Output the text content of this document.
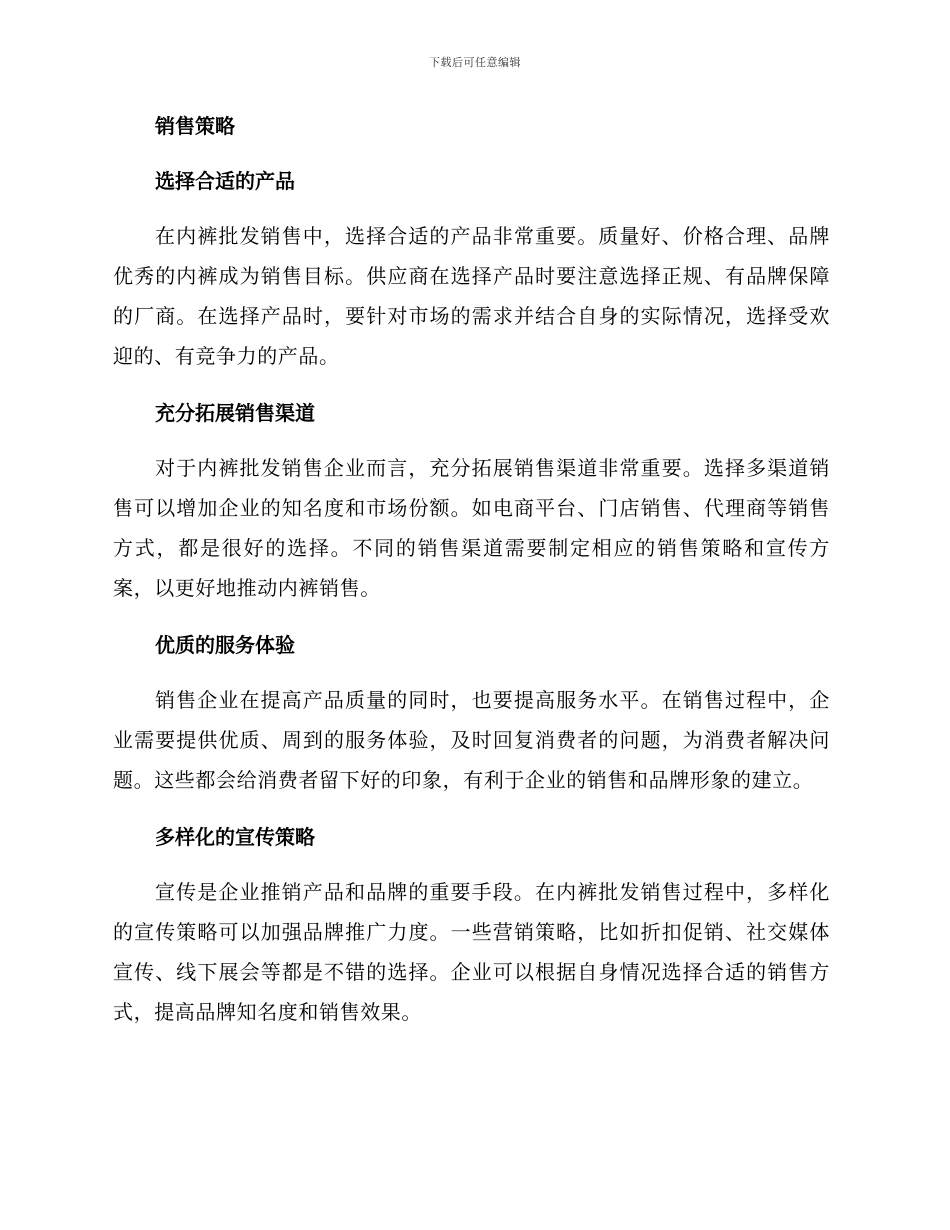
下载后可任意编辑
销售策略
选择合适的产品

在内裤批发销售中，选择合适的产品非常重要。质量好、价格合理、品牌优秀的内裤成为销售目标。供应商在选择产品时要注意选择正规、有品牌保障的厂商。在选择产品时，要针对市场的需求并结合自身的实际情况，选择受欢迎的、有竞争力的产品。

充分拓展销售渠道

对于内裤批发销售企业而言，充分拓展销售渠道非常重要。选择多渠道销售可以增加企业的知名度和市场份额。如电商平台、门店销售、代理商等销售方式，都是很好的选择。不同的销售渠道需要制定相应的销售策略和宣传方案，以更好地推动内裤销售。

优质的服务体验

销售企业在提高产品质量的同时，也要提高服务水平。在销售过程中，企业需要提供优质、周到的服务体验，及时回复消费者的问题，为消费者解决问题。这些都会给消费者留下好的印象，有利于企业的销售和品牌形象的建立。

多样化的宣传策略

宣传是企业推销产品和品牌的重要手段。在内裤批发销售过程中，多样化的宣传策略可以加强品牌推广力度。一些营销策略，比如折扣促销、社交媒体宣传、线下展会等都是不错的选择。企业可以根据自身情况选择合适的销售方式，提高品牌知名度和销售效果。
